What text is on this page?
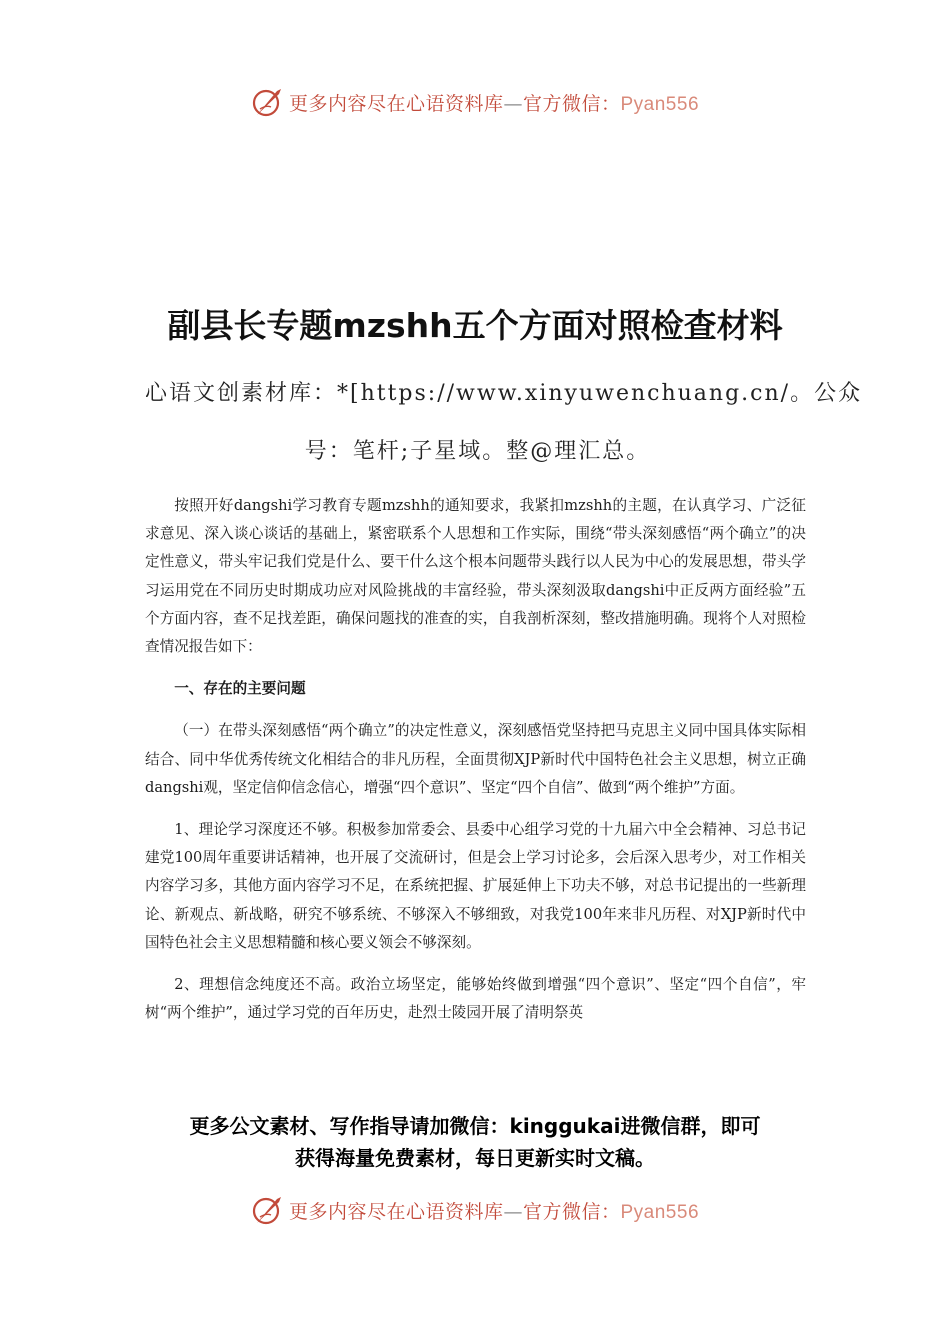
更多内容尽在心语资料库—官方微信：Pyan556
副县长专题mzshh五个方面对照检查材料
心语文创素材库：*[https://www.xinyuwenchuang.cn/。公众
号：笔杆;子星域。整@理汇总。

按照开好dangshi学习教育专题mzshh的通知要求，我紧扣mzshh的主题，在认真学习、广泛征求意见、深入谈心谈话的基础上，紧密联系个人思想和工作实际，围绕“带头深刻感悟“两个确立”的决定性意义，带头牢记我们党是什么、要干什么这个根本问题带头践行以人民为中心的发展思想，带头学习运用党在不同历史时期成功应对风险挑战的丰富经验，带头深刻汲取dangshi中正反两方面经验”五个方面内容，查不足找差距，确保问题找的准查的实，自我剖析深刻，整改措施明确。现将个人对照检查情况报告如下：

一、存在的主要问题

（一）在带头深刻感悟“两个确立”的决定性意义，深刻感悟党坚持把马克思主义同中国具体实际相结合、同中华优秀传统文化相结合的非凡历程，全面贯彻XJP新时代中国特色社会主义思想，树立正确dangshi观，坚定信仰信念信心，增强“四个意识”、坚定“四个自信”、做到“两个维护”方面。

1、理论学习深度还不够。积极参加常委会、县委中心组学习党的十九届六中全会精神、习总书记建党100周年重要讲话精神，也开展了交流研讨，但是会上学习讨论多，会后深入思考少，对工作相关内容学习多，其他方面内容学习不足，在系统把握、扩展延伸上下功夫不够，对总书记提出的一些新理论、新观点、新战略，研究不够系统、不够深入不够细致，对我党100年来非凡历程、对XJP新时代中国特色社会主义思想精髓和核心要义领会不够深刻。

2、理想信念纯度还不高。政治立场坚定，能够始终做到增强“四个意识”、坚定“四个自信”，牢树“两个维护”，通过学习党的百年历史，赴烈士陵园开展了清明祭英

更多公文素材、写作指导请加微信：kinggukai进微信群，即可
获得海量免费素材，每日更新实时文稿。
更多内容尽在心语资料库—官方微信：Pyan556
